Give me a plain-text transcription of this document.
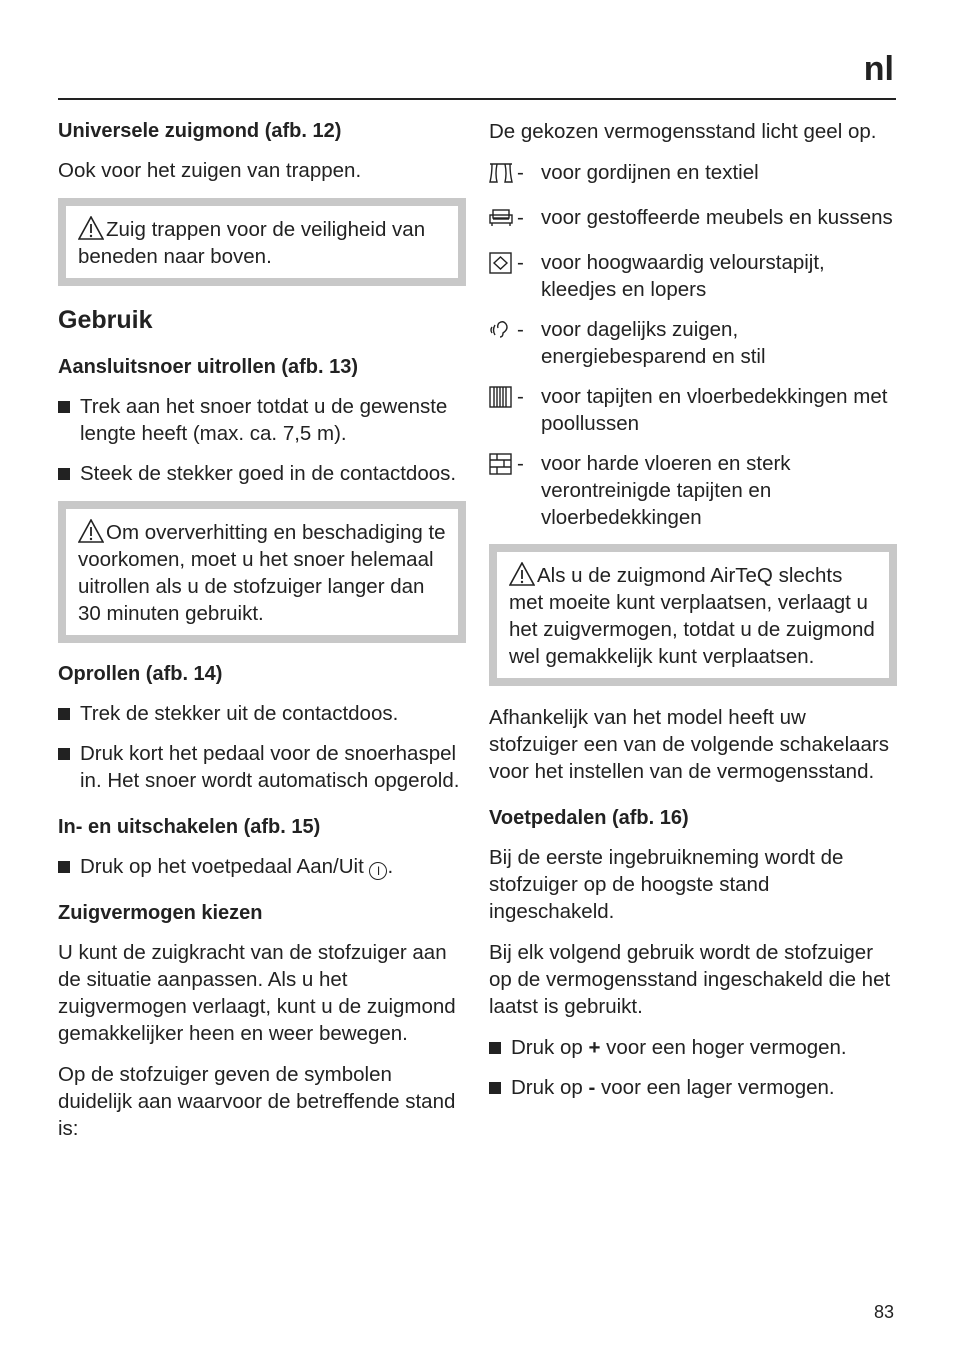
nl
Universele zuigmond (afb. 12)

Ook voor het zuigen van trappen.

Zuig trappen voor de veiligheid van beneden naar boven.
Gebruik
Aansluitsnoer uitrollen (afb. 13)
Trek aan het snoer totdat u de gewenste lengte heeft (max. ca. 7,5 m).
Steek de stekker goed in de contactdoos.
Om oververhitting en beschadiging te voorkomen, moet u het snoer helemaal uitrollen als u de stofzuiger langer dan 30 minuten gebruikt.
Oprollen (afb. 14)
Trek de stekker uit de contactdoos.
Druk kort het pedaal voor de snoerhaspel in. Het snoer wordt automatisch opgerold.
In- en uitschakelen (afb. 15)
Druk op het voetpedaal Aan/Uit I .
Zuigvermogen kiezen

U kunt de zuigkracht van de stofzuiger aan de situatie aanpassen. Als u het zuigvermogen verlaagt, kunt u de zuigmond gemakkelijker heen en weer bewegen.

Op de stofzuiger geven de symbolen duidelijk aan waarvoor de betreffende stand is:

De gekozen vermogensstand licht geel op.

- voor gordijnen en textiel
- voor gestoffeerde meubels en kussens
- voor hoogwaardig velourstapijt, kleedjes en lopers
- voor dagelijks zuigen, energiebesparend en stil
- voor tapijten en vloerbedekkingen met poollussen
- voor harde vloeren en sterk verontreinigde tapijten en vloerbedekkingen
Als u de zuigmond AirTeQ slechts met moeite kunt verplaatsen, verlaagt u het zuigvermogen, totdat u de zuigmond wel gemakkelijk kunt verplaatsen.

Afhankelijk van het model heeft uw stofzuiger een van de volgende schakelaars voor het instellen van de vermogensstand.

Voetpedalen (afb. 16)

Bij de eerste ingebruikneming wordt de stofzuiger op de hoogste stand ingeschakeld.

Bij elk volgend gebruik wordt de stofzuiger op de vermogensstand ingeschakeld die het laatst is gebruikt.

Druk op + voor een hoger vermogen.
Druk op - voor een lager vermogen.
83
